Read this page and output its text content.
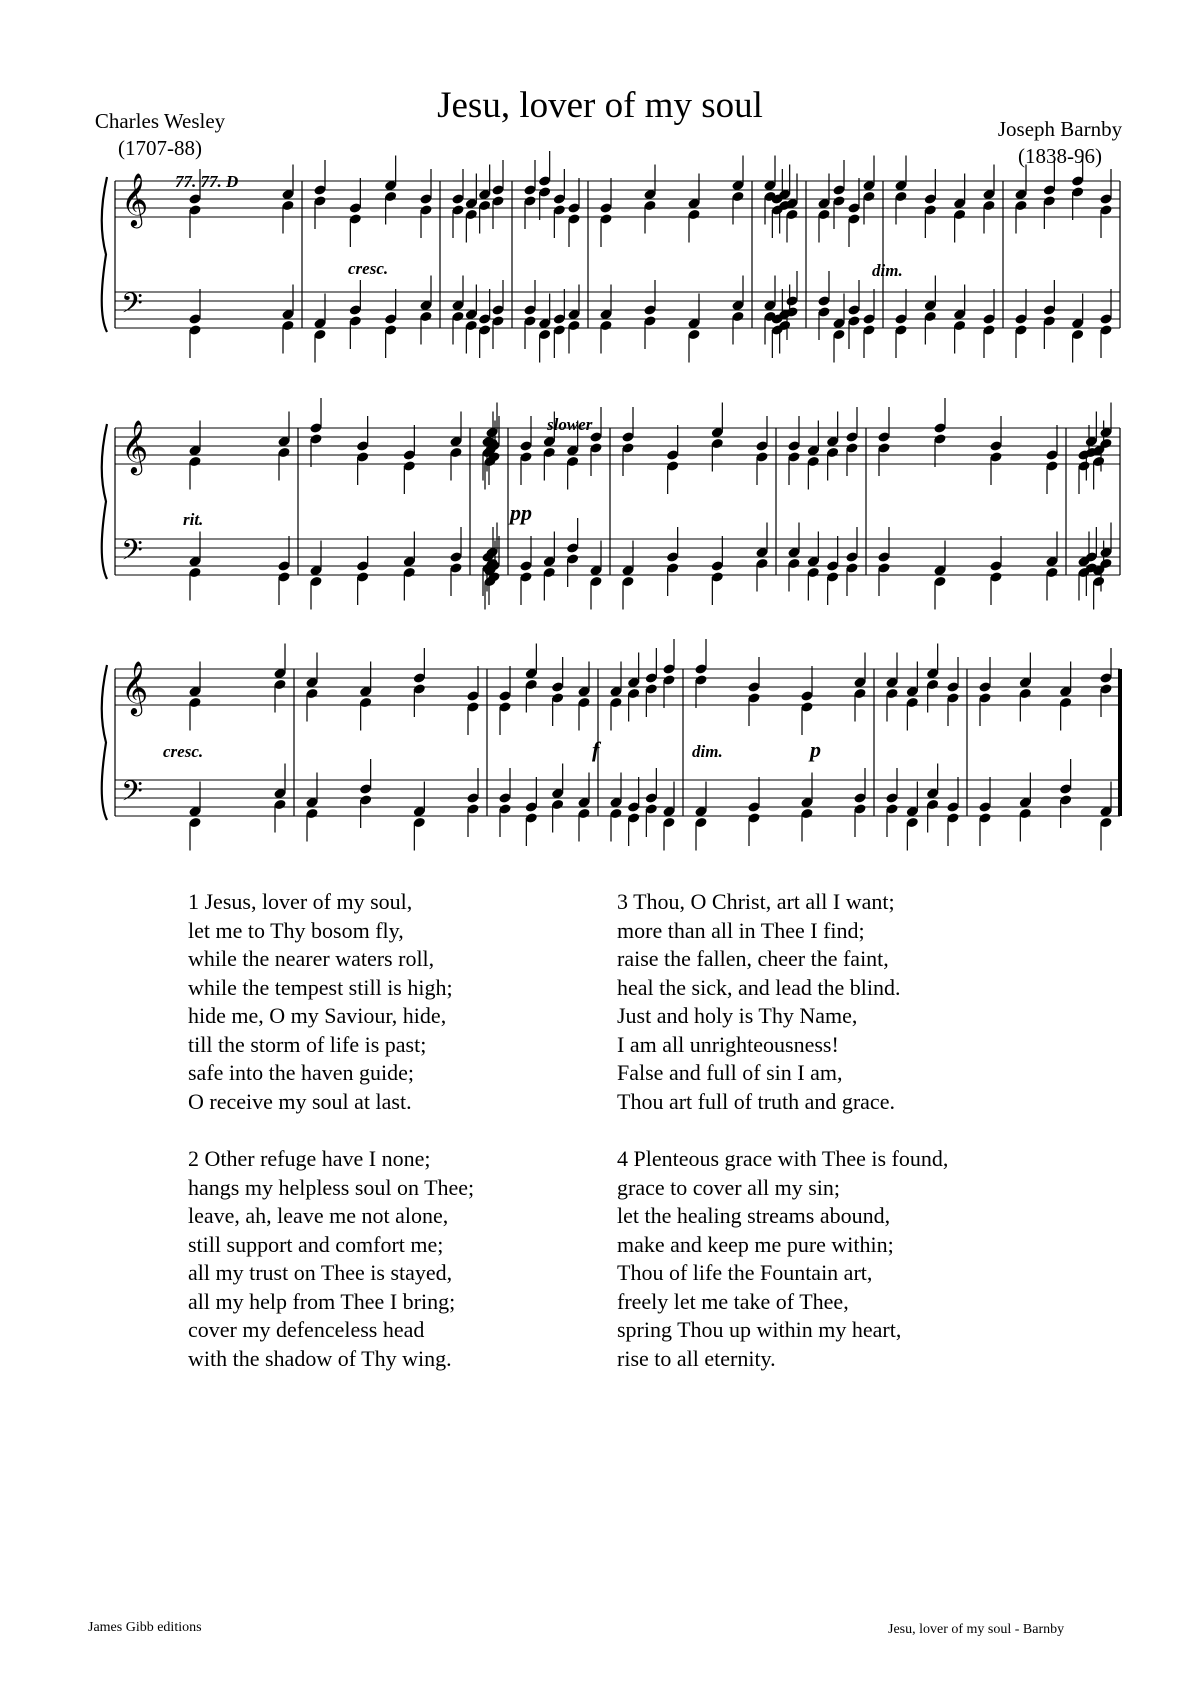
Jesu, lover of my soul
Charles Wesley
(1707-88)
Joseph Barnby
(1838-96)
𝄞
𝄢
𝄞
𝄢
𝄞
𝄢
77. 77. D
cresc.	dim.
rit.
slower
pp
cresc.	f	dim.	p
1 Jesus, lover of my soul,
let me to Thy bosom fly,
while the nearer waters roll,
while the tempest still is high;
hide me, O my Saviour, hide,
till the storm of life is past;
safe into the haven guide;
O receive my soul at last.
2 Other refuge have I none;
hangs my helpless soul on Thee;
leave, ah, leave me not alone,
still support and comfort me;
all my trust on Thee is stayed,
all my help from Thee I bring;
cover my defenceless head
with the shadow of Thy wing.
3 Thou, O Christ, art all I want;
more than all in Thee I find;
raise the fallen, cheer the faint,
heal the sick, and lead the blind.
Just and holy is Thy Name,
I am all unrighteousness!
False and full of sin I am,
Thou art full of truth and grace.
4 Plenteous grace with Thee is found,
grace to cover all my sin;
let the healing streams abound,
make and keep me pure within;
Thou of life the Fountain art,
freely let me take of Thee,
spring Thou up within my heart,
rise to all eternity.
James Gibb editions	Jesu, lover of my soul - Barnby
